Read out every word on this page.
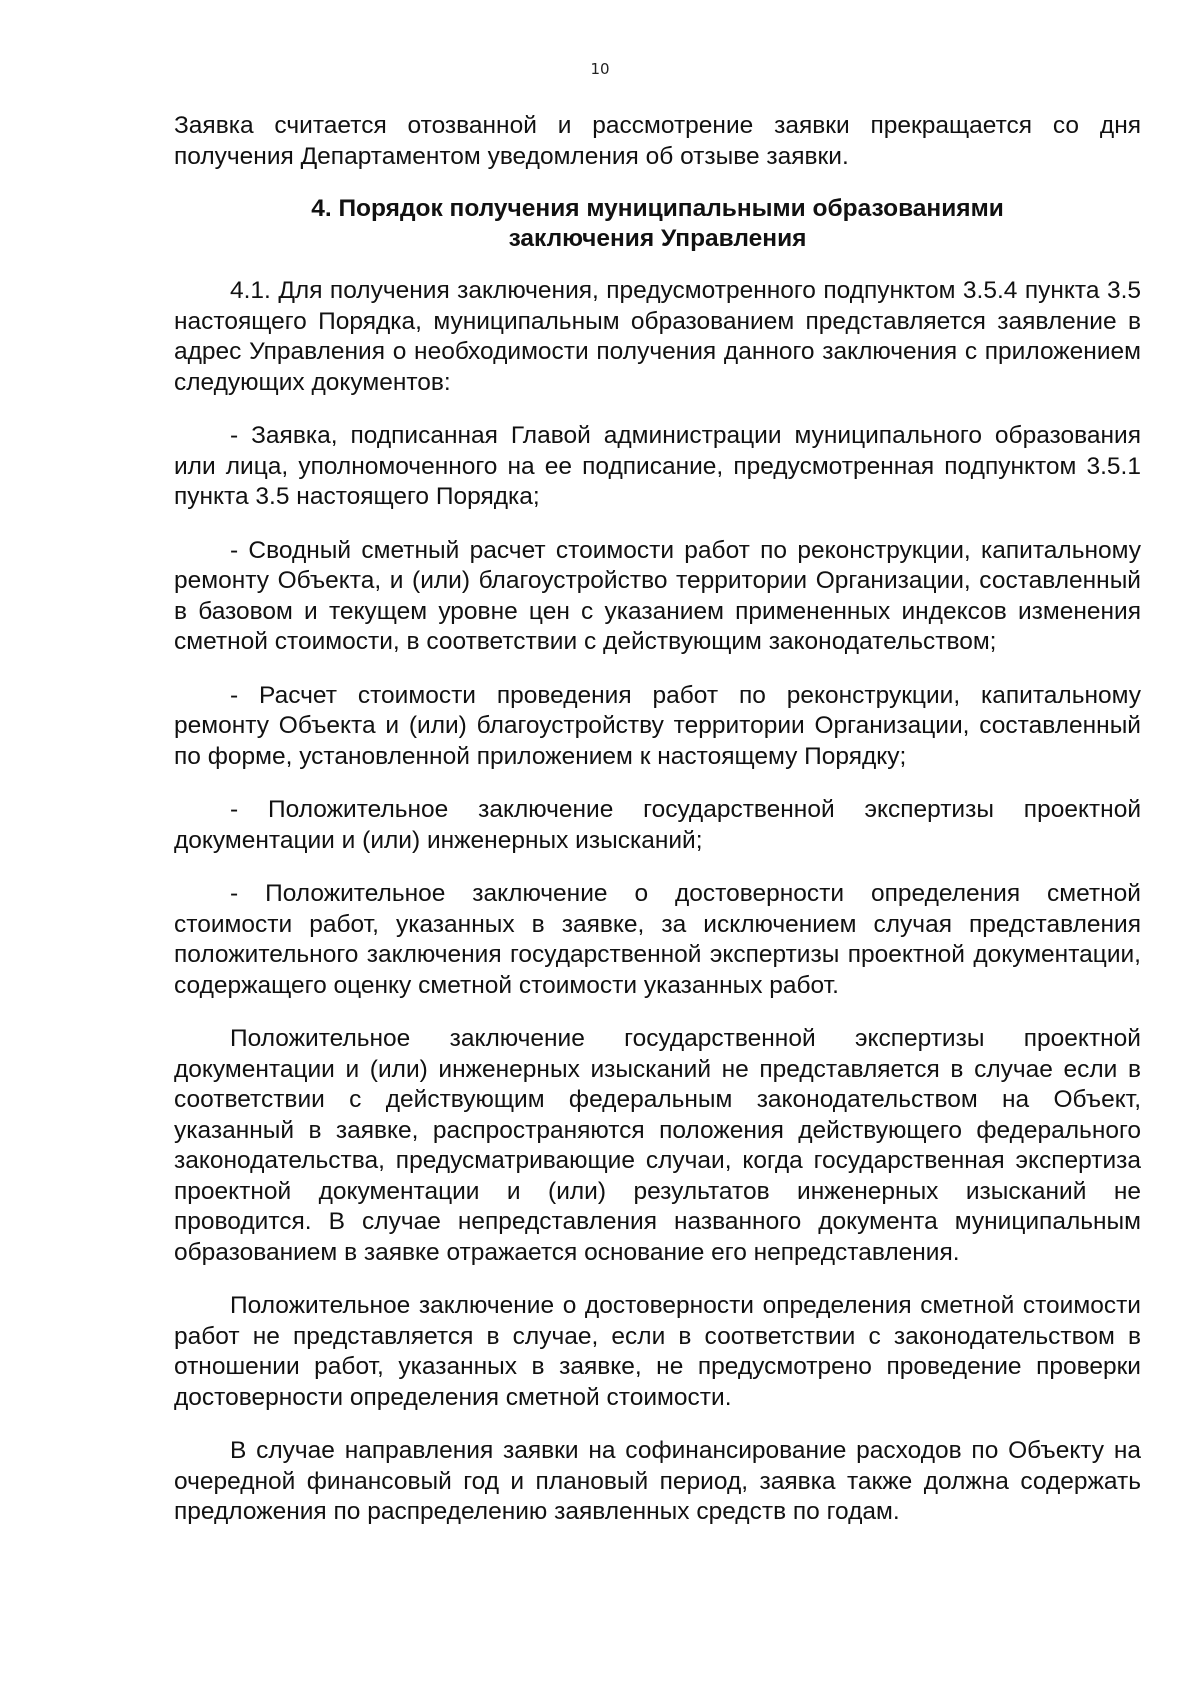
10

Заявка считается отозванной и рассмотрение заявки прекращается со дня получения Департаментом уведомления об отзыве заявки.

4. Порядок получения муниципальными образованиями
заключения Управления

4.1. Для получения заключения, предусмотренного подпунктом 3.5.4 пункта 3.5 настоящего Порядка, муниципальным образованием представляется заявление в адрес Управления о необходимости получения данного заключения с приложением следующих документов:

- Заявка, подписанная Главой администрации муниципального образования или лица, уполномоченного на ее подписание, предусмотренная подпунктом 3.5.1 пункта 3.5 настоящего Порядка;

- Сводный сметный расчет стоимости работ по реконструкции, капитальному ремонту Объекта, и (или) благоустройство территории Организации, составленный в базовом и текущем уровне цен с указанием примененных индексов изменения сметной стоимости, в соответствии с действующим законодательством;

- Расчет стоимости проведения работ по реконструкции, капитальному ремонту Объекта и (или) благоустройству территории Организации, составленный по форме, установленной приложением к настоящему Порядку;

- Положительное заключение государственной экспертизы проектной документации и (или) инженерных изысканий;

- Положительное заключение о достоверности определения сметной стоимости работ, указанных в заявке, за исключением случая представления положительного заключения государственной экспертизы проектной документации, содержащего оценку сметной стоимости указанных работ.

Положительное заключение государственной экспертизы проектной документации и (или) инженерных изысканий не представляется в случае если в соответствии с действующим федеральным законодательством на Объект, указанный в заявке, распространяются положения действующего федерального законодательства, предусматривающие случаи, когда государственная экспертиза проектной документации и (или) результатов инженерных изысканий не проводится. В случае непредставления названного документа муниципальным образованием в заявке отражается основание его непредставления.

Положительное заключение о достоверности определения сметной стоимости работ не представляется в случае, если в соответствии с законодательством в отношении работ, указанных в заявке, не предусмотрено проведение проверки достоверности определения сметной стоимости.

В случае направления заявки на софинансирование расходов по Объекту на очередной финансовый год и плановый период, заявка также должна содержать предложения по распределению заявленных средств по годам.
